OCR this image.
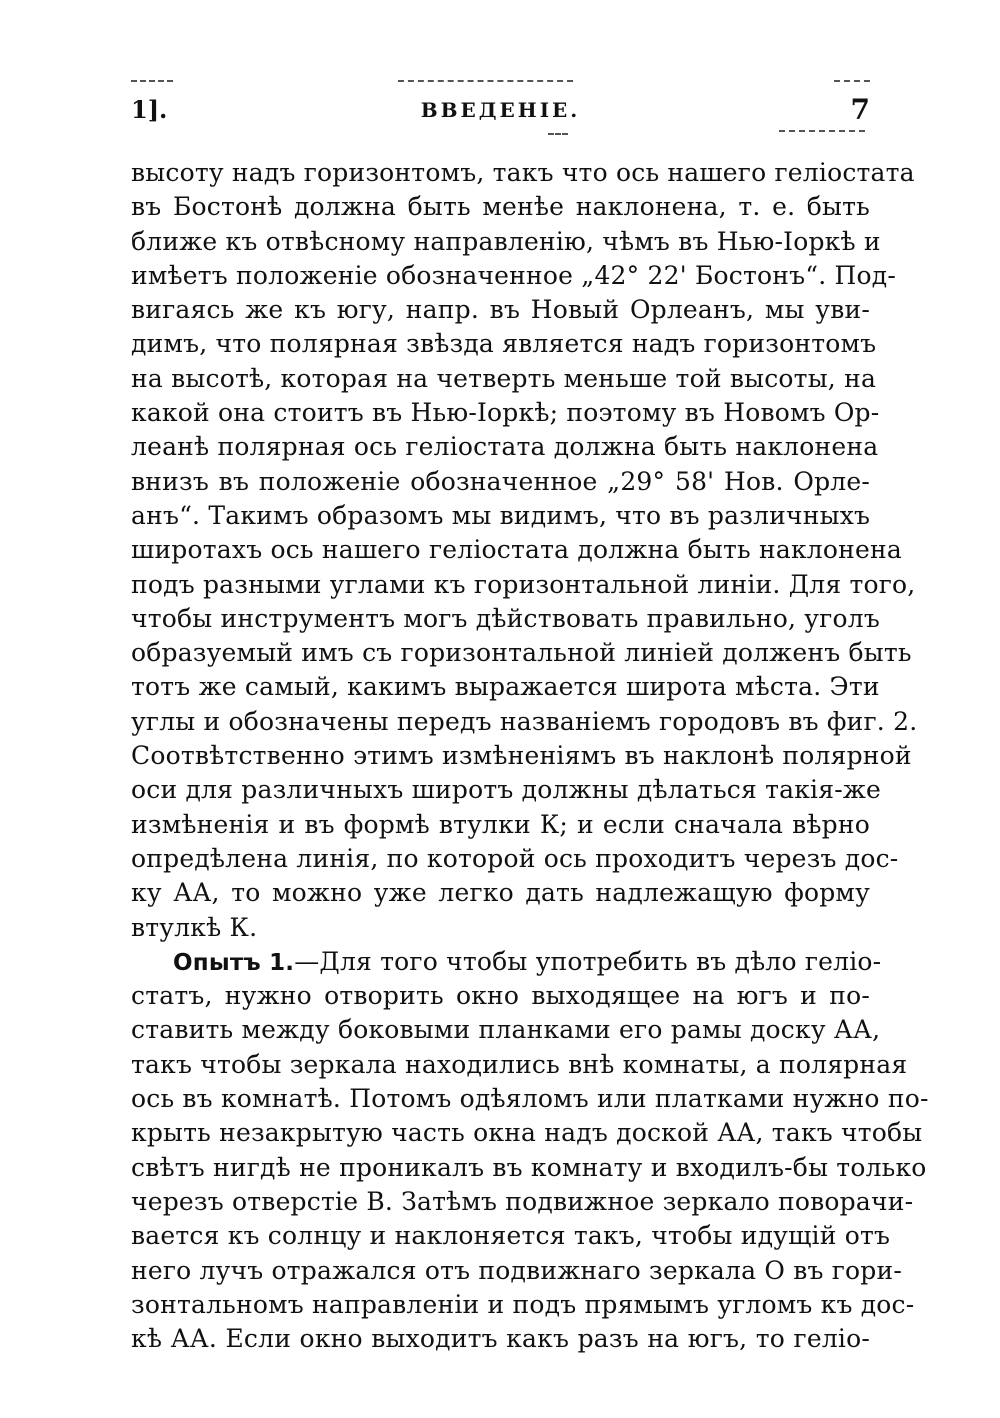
1].	ВВЕДЕНІЕ.	7
высоту надъ горизонтомъ, такъ что ось нашего геліостата
въ Бостонѣ должна быть менѣе наклонена, т. е. быть
ближе къ отвѣсному направленію, чѣмъ въ Нью-Іоркѣ и
имѣетъ положеніе обозначенное „42° 22' Бостонъ“. Под-
вигаясь же къ югу, напр. въ Новый Орлеанъ, мы уви-
димъ, что полярная звѣзда является надъ горизонтомъ
на высотѣ, которая на четверть меньше той высоты, на
какой она стоитъ въ Нью-Іоркѣ; поэтому въ Новомъ Ор-
леанѣ полярная ось геліостата должна быть наклонена
внизъ въ положеніе обозначенное „29° 58' Нов. Орле-
анъ“. Такимъ образомъ мы видимъ, что въ различныхъ
широтахъ ось нашего геліостата должна быть наклонена
подъ разными углами къ горизонтальной линіи. Для того,
чтобы инструментъ могъ дѣйствовать правильно, уголъ
образуемый имъ съ горизонтальной линіей долженъ быть
тотъ же самый, какимъ выражается широта мѣста. Эти
углы и обозначены передъ названіемъ городовъ въ фиг. 2.
Соотвѣтственно этимъ измѣненіямъ въ наклонѣ полярной
оси для различныхъ широтъ должны дѣлаться такія-же
измѣненія и въ формѣ втулки К; и если сначала вѣрно
опредѣлена линія, по которой ось проходитъ черезъ дос-
ку АА, то можно уже легко дать надлежащую форму
втулкѣ К.
Опытъ 1.—Для того чтобы употребить въ дѣло геліо-
статъ, нужно отворить окно выходящее на югъ и по-
ставить между боковыми планками его рамы доску АА,
такъ чтобы зеркала находились внѣ комнаты, а полярная
ось въ комнатѣ. Потомъ одѣяломъ или платками нужно по-
крыть незакрытую часть окна надъ доской АА, такъ чтобы
свѣтъ нигдѣ не проникалъ въ комнату и входилъ-бы только
черезъ отверстіе В. Затѣмъ подвижное зеркало поворачи-
вается къ солнцу и наклоняется такъ, чтобы идущій отъ
него лучъ отражался отъ подвижнаго зеркала О въ гори-
зонтальномъ направленіи и подъ прямымъ угломъ къ дос-
кѣ АА. Если окно выходитъ какъ разъ на югъ, то геліо-
